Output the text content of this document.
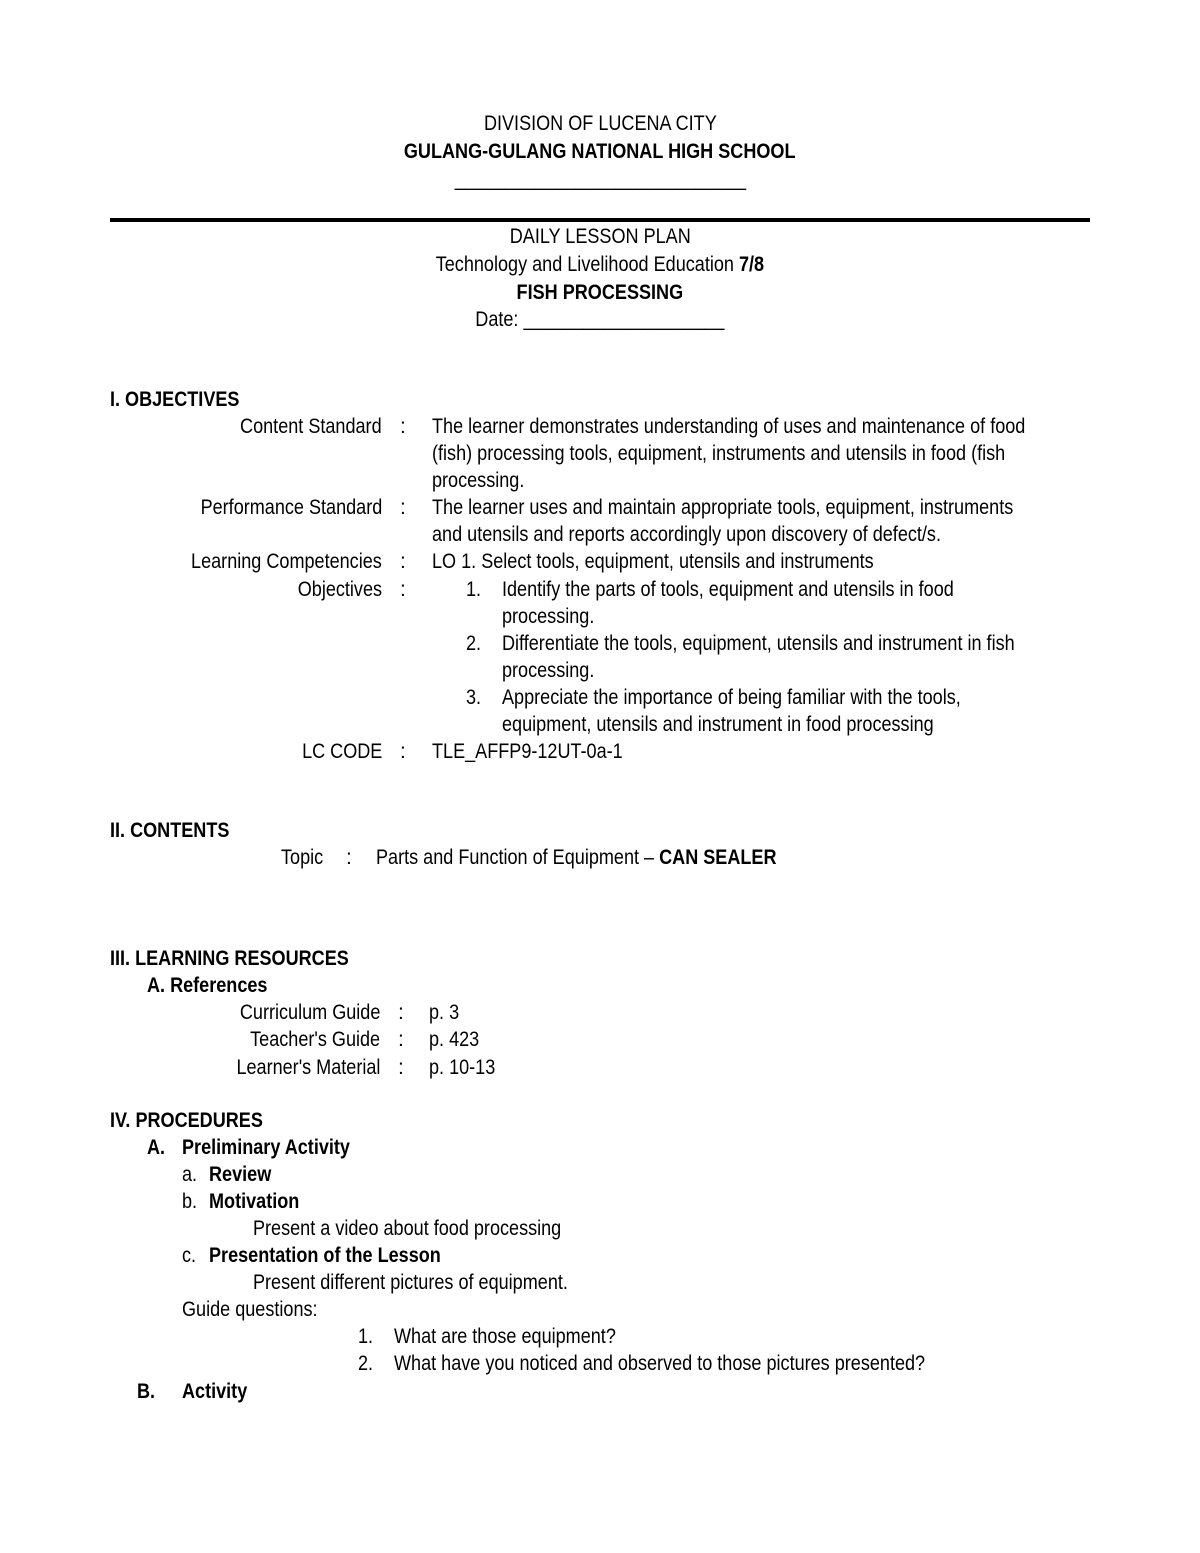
DIVISION OF LUCENA CITY
GULANG-GULANG NATIONAL HIGH SCHOOL
_____________________________
DAILY LESSON PLAN
Technology and Livelihood Education 7/8
FISH PROCESSING
Date: ____________________
I. OBJECTIVES
Content Standard : The learner demonstrates understanding of uses and maintenance of food
(fish) processing tools, equipment, instruments and utensils in food (fish
processing.
Performance Standard : The learner uses and maintain appropriate tools, equipment, instruments
and utensils and reports accordingly upon discovery of defect/s.
Learning Competencies : LO 1. Select tools, equipment, utensils and instruments
Objectives :	1. Identify the parts of tools, equipment and utensils in food
processing.
2. Differentiate the tools, equipment, utensils and instrument in fish
processing.
3. Appreciate the importance of being familiar with the tools,
equipment, utensils and instrument in food processing
LC CODE : TLE_AFFP9-12UT-0a-1
II. CONTENTS
Topic	: Parts and Function of Equipment – CAN SEALER
III. LEARNING RESOURCES
A. References
Curriculum Guide : p. 3
Teacher's Guide : p. 423
Learner's Material : p. 10-13
IV. PROCEDURES
A. Preliminary Activity
a. Review
b. Motivation
Present a video about food processing
c. Presentation of the Lesson
Present different pictures of equipment.
Guide questions:
1. What are those equipment?
2. What have you noticed and observed to those pictures presented?
B. Activity
